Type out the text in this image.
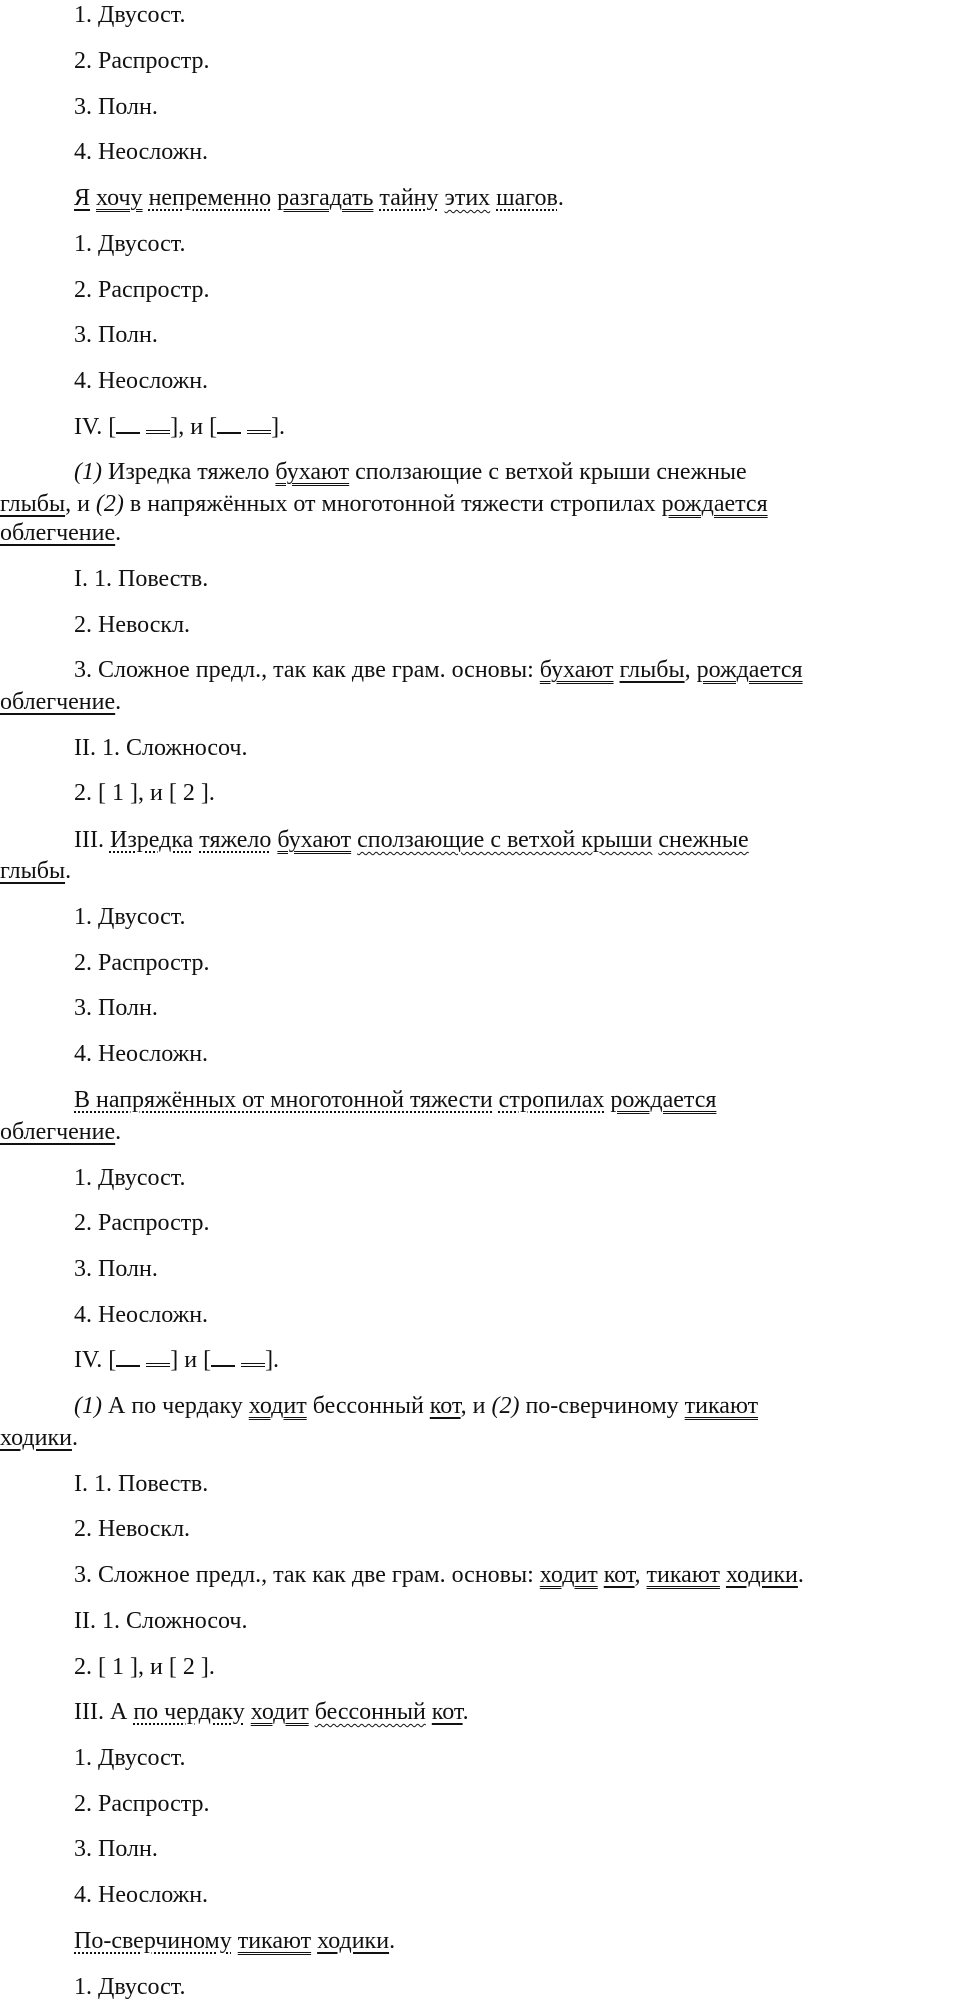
1. Двусост.
2. Распростр.
3. Полн.
4. Неосложн.
Я хочу непременно разгадать тайну этих шагов.
1. Двусост.
2. Распростр.
3. Полн.
4. Неосложн.
IV. [ ], и [ ].
(1) Изредка тяжело бухают сползающие с ветхой крыши снежные
глыбы, и (2) в напряжённых от многотонной тяжести стропилах рождается
облегчение.
I. 1. Повеств.
2. Невоскл.
3. Сложное предл., так как две грам. основы: бухают глыбы, рождается
облегчение.
II. 1. Сложносоч.
2. [ 1 ], и [ 2 ].
III. Изредка тяжело бухают сползающие с ветхой крыши снежные
глыбы.
1. Двусост.
2. Распростр.
3. Полн.
4. Неосложн.
В напряжённых от многотонной тяжести стропилах рождается
облегчение.
1. Двусост.
2. Распростр.
3. Полн.
4. Неосложн.
IV. [ ] и [ ].
(1) А по чердаку ходит бессонный кот, и (2) по-сверчиному тикают
ходики.
I. 1. Повеств.
2. Невоскл.
3. Сложное предл., так как две грам. основы: ходит кот, тикают ходики.
II. 1. Сложносоч.
2. [ 1 ], и [ 2 ].
III. А по чердаку ходит бессонный кот.
1. Двусост.
2. Распростр.
3. Полн.
4. Неосложн.
По-сверчиному тикают ходики.
1. Двусост.
